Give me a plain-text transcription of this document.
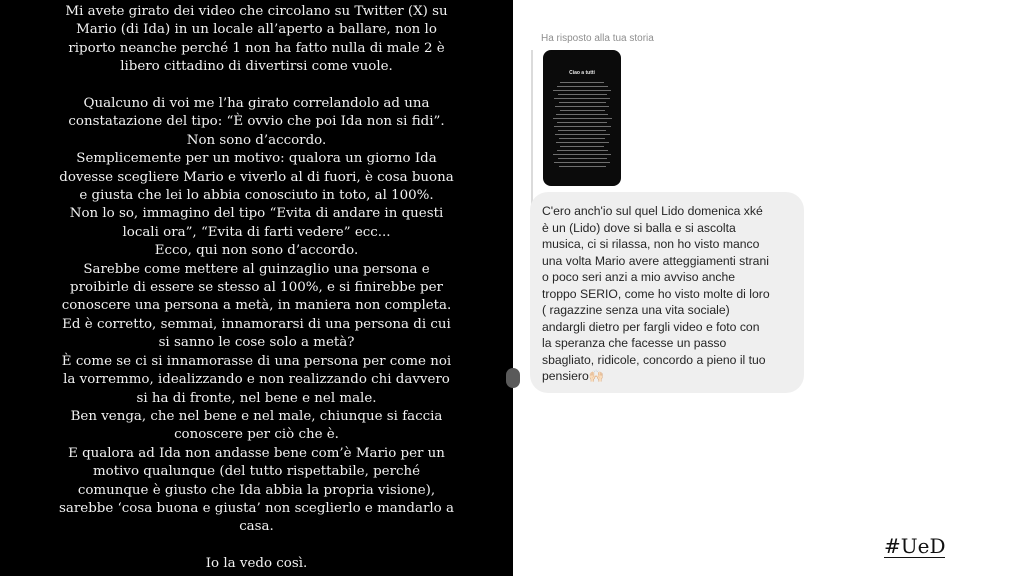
Mi avete girato dei video che circolano su Twitter (X) su
Mario (di Ida) in un locale all’aperto a ballare, non lo
riporto neanche perché 1 non ha fatto nulla di male 2 è
libero cittadino di divertirsi come vuole.
Qualcuno di voi me l’ha girato correlandolo ad una
constatazione del tipo: “È ovvio che poi Ida non si fidi”.
Non sono d’accordo.
Semplicemente per un motivo: qualora un giorno Ida
dovesse scegliere Mario e viverlo al di fuori, è cosa buona
e giusta che lei lo abbia conosciuto in toto, al 100%.
Non lo so, immagino del tipo “Evita di andare in questi
locali ora”, “Evita di farti vedere” ecc...
Ecco, qui non sono d’accordo.
Sarebbe come mettere al guinzaglio una persona e
proibirle di essere se stesso al 100%, e si finirebbe per
conoscere una persona a metà, in maniera non completa.
Ed è corretto, semmai, innamorarsi di una persona di cui
si sanno le cose solo a metà?
È come se ci si innamorasse di una persona per come noi
la vorremmo, idealizzando e non realizzando chi davvero
si ha di fronte, nel bene e nel male.
Ben venga, che nel bene e nel male, chiunque si faccia
conoscere per ciò che è.
E qualora ad Ida non andasse bene com’è Mario per un
motivo qualunque (del tutto rispettabile, perché
comunque è giusto che Ida abbia la propria visione),
sarebbe ‘cosa buona e giusta’ non sceglierlo e mandarlo a
casa.
Io la vedo così.
Ha risposto alla tua storia
Ciao a tutti
C'ero anch'io sul quel Lido domenica xké
è un (Lido) dove si balla e si ascolta
musica, ci si rilassa, non ho visto manco
una volta Mario avere atteggiamenti strani
o poco seri anzi a mio avviso anche
troppo SERIO, come ho visto molte di loro
( ragazzine senza una vita sociale)
andargli dietro per fargli video e foto con
la speranza che facesse un passo
sbagliato, ridicole, concordo a pieno il tuo
pensiero🙌🏻
#UeD
